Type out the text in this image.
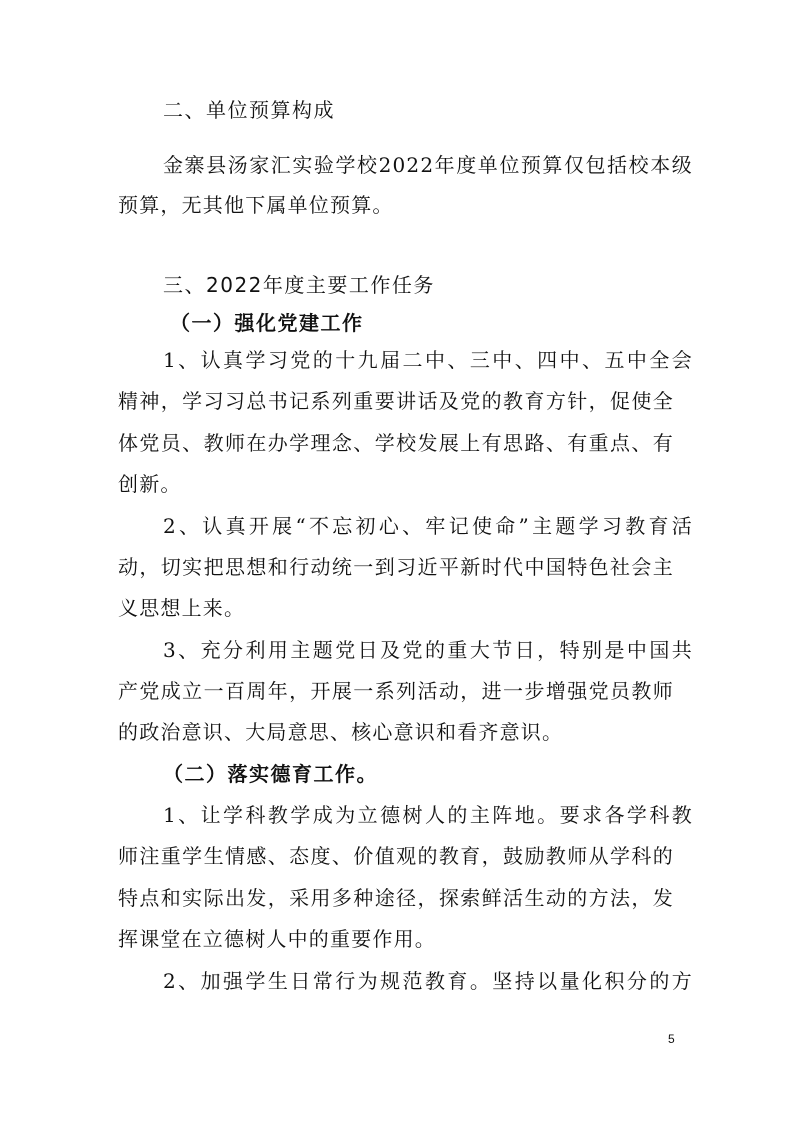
二、单位预算构成
金寨县汤家汇实验学校2022年度单位预算仅包括校本级
预算，无其他下属单位预算。
三、2022年度主要工作任务
（一）强化党建工作
1、认真学习党的十九届二中、三中、四中、五中全会
精神，学习习总书记系列重要讲话及党的教育方针，促使全
体党员、教师在办学理念、学校发展上有思路、有重点、有
创新。
2、认真开展“不忘初心、牢记使命”主题学习教育活
动，切实把思想和行动统一到习近平新时代中国特色社会主
义思想上来。
3、充分利用主题党日及党的重大节日，特别是中国共
产党成立一百周年，开展一系列活动，进一步增强党员教师
的政治意识、大局意思、核心意识和看齐意识。
（二）落实德育工作。
1、让学科教学成为立德树人的主阵地。要求各学科教
师注重学生情感、态度、价值观的教育，鼓励教师从学科的
特点和实际出发，采用多种途径，探索鲜活生动的方法，发
挥课堂在立德树人中的重要作用。
2、加强学生日常行为规范教育。坚持以量化积分的方
5
